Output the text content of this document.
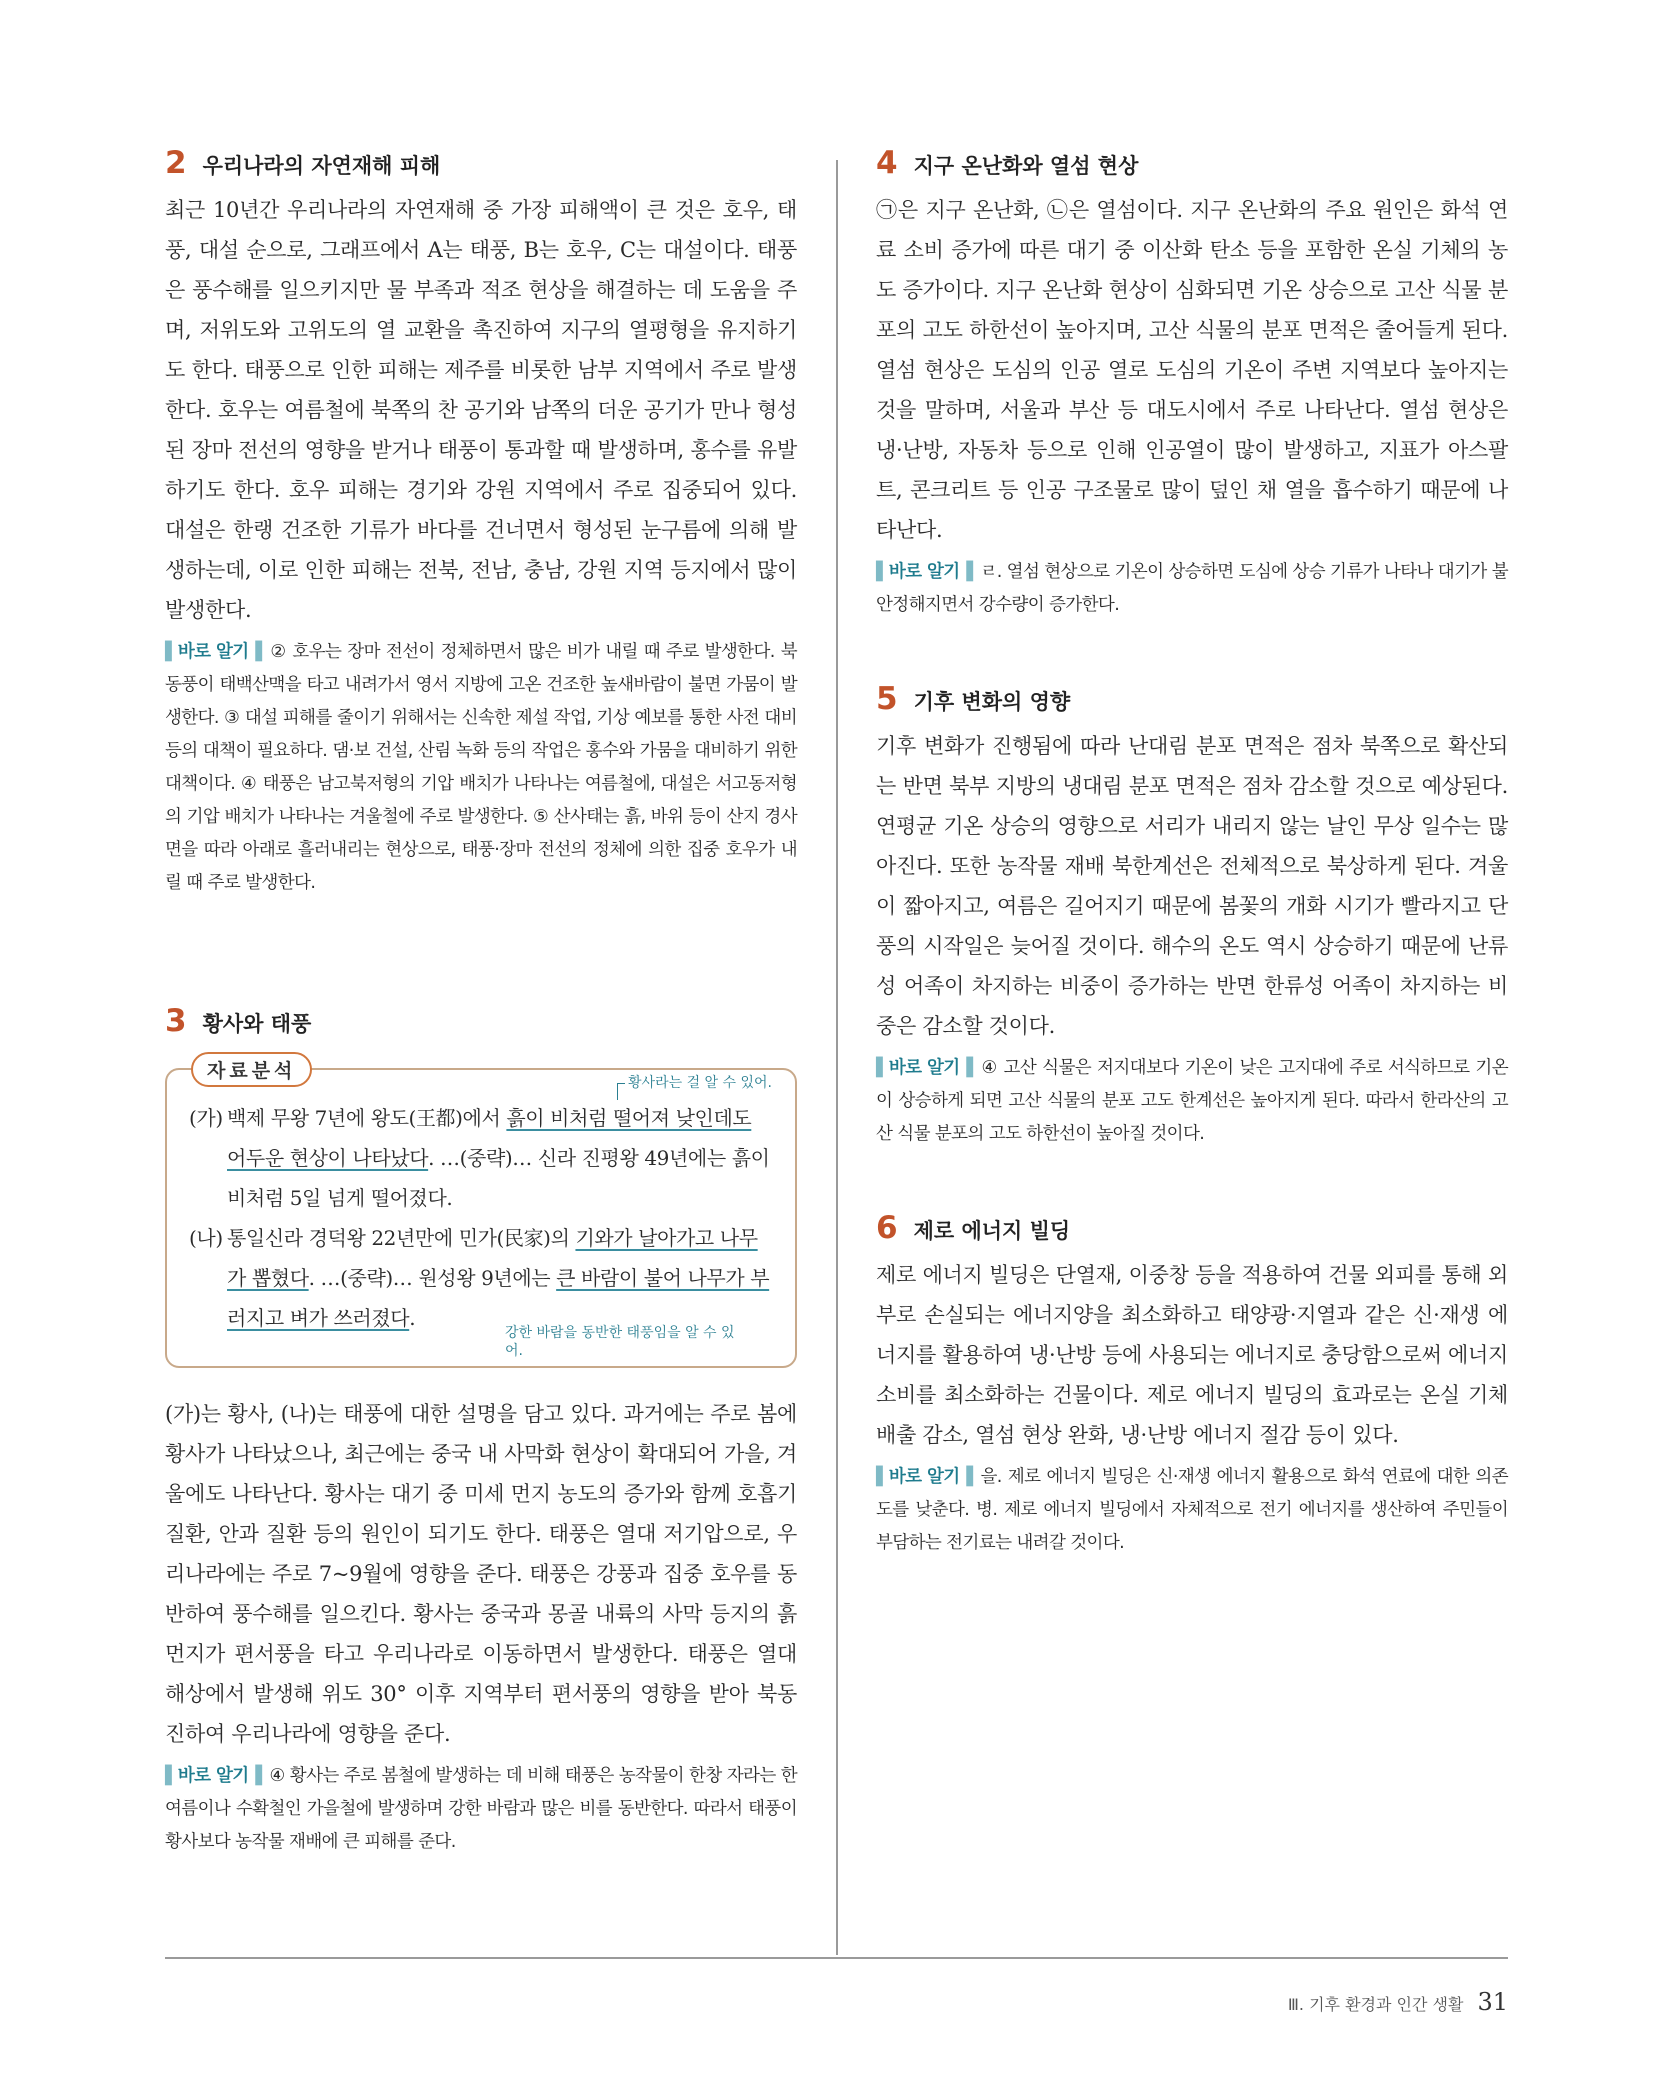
2 우리나라의 자연재해 피해

최근 10년간 우리나라의 자연재해 중 가장 피해액이 큰 것은 호우, 태풍, 대설 순으로, 그래프에서 A는 태풍, B는 호우, C는 대설이다. 태풍은 풍수해를 일으키지만 물 부족과 적조 현상을 해결하는 데 도움을 주며, 저위도와 고위도의 열 교환을 촉진하여 지구의 열평형을 유지하기도 한다. 태풍으로 인한 피해는 제주를 비롯한 남부 지역에서 주로 발생한다. 호우는 여름철에 북쪽의 찬 공기와 남쪽의 더운 공기가 만나 형성된 장마 전선의 영향을 받거나 태풍이 통과할 때 발생하며, 홍수를 유발하기도 한다. 호우 피해는 경기와 강원 지역에서 주로 집중되어 있다. 대설은 한랭 건조한 기류가 바다를 건너면서 형성된 눈구름에 의해 발생하는데, 이로 인한 피해는 전북, 전남, 충남, 강원 지역 등지에서 많이 발생한다.

▌바로 알기▐ ② 호우는 장마 전선이 정체하면서 많은 비가 내릴 때 주로 발생한다. 북동풍이 태백산맥을 타고 내려가서 영서 지방에 고온 건조한 높새바람이 불면 가뭄이 발생한다. ③ 대설 피해를 줄이기 위해서는 신속한 제설 작업, 기상 예보를 통한 사전 대비 등의 대책이 필요하다. 댐·보 건설, 산림 녹화 등의 작업은 홍수와 가뭄을 대비하기 위한 대책이다. ④ 태풍은 남고북저형의 기압 배치가 나타나는 여름철에, 대설은 서고동저형의 기압 배치가 나타나는 겨울철에 주로 발생한다. ⑤ 산사태는 흙, 바위 등이 산지 경사면을 따라 아래로 흘러내리는 현상으로, 태풍·장마 전선의 정체에 의한 집중 호우가 내릴 때 주로 발생한다.

3 황사와 태풍
자료분석
황사라는 걸 알 수 있어.
(가) 백제 무왕 7년에 왕도(王都)에서 흙이 비처럼 떨어져 낮인데도 어두운 현상이 나타났다. …(중략)… 신라 진평왕 49년에는 흙이 비처럼 5일 넘게 떨어졌다.
(나) 통일신라 경덕왕 22년만에 민가(民家)의 기와가 날아가고 나무가 뽑혔다. …(중략)… 원성왕 9년에는 큰 바람이 불어 나무가 부러지고 벼가 쓰러졌다.
강한 바람을 동반한 태풍임을 알 수 있어.

(가)는 황사, (나)는 태풍에 대한 설명을 담고 있다. 과거에는 주로 봄에 황사가 나타났으나, 최근에는 중국 내 사막화 현상이 확대되어 가을, 겨울에도 나타난다. 황사는 대기 중 미세 먼지 농도의 증가와 함께 호흡기 질환, 안과 질환 등의 원인이 되기도 한다. 태풍은 열대 저기압으로, 우리나라에는 주로 7~9월에 영향을 준다. 태풍은 강풍과 집중 호우를 동반하여 풍수해를 일으킨다. 황사는 중국과 몽골 내륙의 사막 등지의 흙먼지가 편서풍을 타고 우리나라로 이동하면서 발생한다. 태풍은 열대 해상에서 발생해 위도 30° 이후 지역부터 편서풍의 영향을 받아 북동진하여 우리나라에 영향을 준다.

▌바로 알기▐ ④ 황사는 주로 봄철에 발생하는 데 비해 태풍은 농작물이 한창 자라는 한여름이나 수확철인 가을철에 발생하며 강한 바람과 많은 비를 동반한다. 따라서 태풍이 황사보다 농작물 재배에 큰 피해를 준다.

4 지구 온난화와 열섬 현상

㉠은 지구 온난화, ㉡은 열섬이다. 지구 온난화의 주요 원인은 화석 연료 소비 증가에 따른 대기 중 이산화 탄소 등을 포함한 온실 기체의 농도 증가이다. 지구 온난화 현상이 심화되면 기온 상승으로 고산 식물 분포의 고도 하한선이 높아지며, 고산 식물의 분포 면적은 줄어들게 된다. 열섬 현상은 도심의 인공 열로 도심의 기온이 주변 지역보다 높아지는 것을 말하며, 서울과 부산 등 대도시에서 주로 나타난다. 열섬 현상은 냉·난방, 자동차 등으로 인해 인공열이 많이 발생하고, 지표가 아스팔트, 콘크리트 등 인공 구조물로 많이 덮인 채 열을 흡수하기 때문에 나타난다.

▌바로 알기▐ ㄹ. 열섬 현상으로 기온이 상승하면 도심에 상승 기류가 나타나 대기가 불안정해지면서 강수량이 증가한다.

5 기후 변화의 영향

기후 변화가 진행됨에 따라 난대림 분포 면적은 점차 북쪽으로 확산되는 반면 북부 지방의 냉대림 분포 면적은 점차 감소할 것으로 예상된다. 연평균 기온 상승의 영향으로 서리가 내리지 않는 날인 무상 일수는 많아진다. 또한 농작물 재배 북한계선은 전체적으로 북상하게 된다. 겨울이 짧아지고, 여름은 길어지기 때문에 봄꽃의 개화 시기가 빨라지고 단풍의 시작일은 늦어질 것이다. 해수의 온도 역시 상승하기 때문에 난류성 어족이 차지하는 비중이 증가하는 반면 한류성 어족이 차지하는 비중은 감소할 것이다.

▌바로 알기▐ ④ 고산 식물은 저지대보다 기온이 낮은 고지대에 주로 서식하므로 기온이 상승하게 되면 고산 식물의 분포 고도 한계선은 높아지게 된다. 따라서 한라산의 고산 식물 분포의 고도 하한선이 높아질 것이다.

6 제로 에너지 빌딩

제로 에너지 빌딩은 단열재, 이중창 등을 적용하여 건물 외피를 통해 외부로 손실되는 에너지양을 최소화하고 태양광·지열과 같은 신·재생 에너지를 활용하여 냉·난방 등에 사용되는 에너지로 충당함으로써 에너지 소비를 최소화하는 건물이다. 제로 에너지 빌딩의 효과로는 온실 기체 배출 감소, 열섬 현상 완화, 냉·난방 에너지 절감 등이 있다.

▌바로 알기▐ 을. 제로 에너지 빌딩은 신·재생 에너지 활용으로 화석 연료에 대한 의존도를 낮춘다. 병. 제로 에너지 빌딩에서 자체적으로 전기 에너지를 생산하여 주민들이 부담하는 전기료는 내려갈 것이다.

Ⅲ. 기후 환경과 인간 생활 31
